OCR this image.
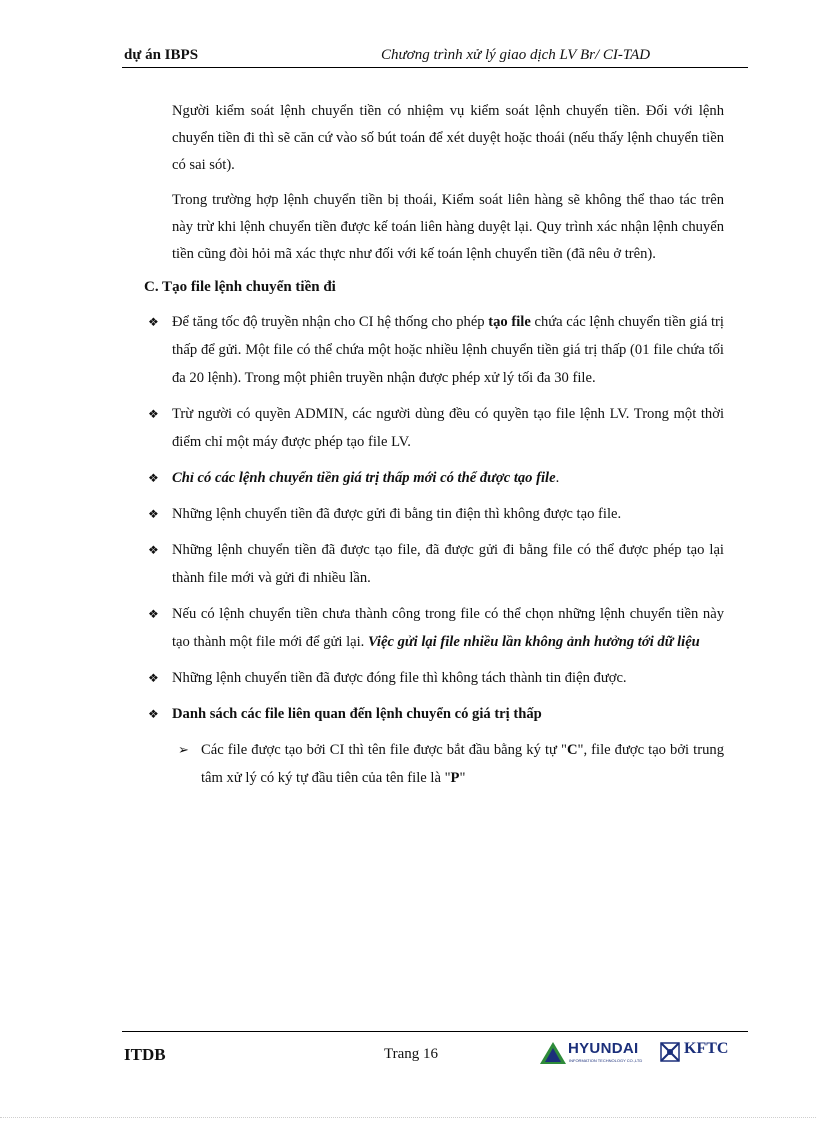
dự án IBPS	Chương trình xử lý giao dịch LV Br/ CI-TAD

Người kiểm soát lệnh chuyển tiền có nhiệm vụ kiểm soát lệnh chuyển tiền. Đối với lệnh chuyển tiền đi thì sẽ căn cứ vào số bút toán để xét duyệt hoặc thoái (nếu thấy lệnh chuyển tiền có sai sót).

Trong trường hợp lệnh chuyển tiền bị thoái, Kiểm soát liên hàng sẽ không thể thao tác trên này trừ khi lệnh chuyển tiền được kế toán liên hàng duyệt lại. Quy trình xác nhận lệnh chuyển tiền cũng đòi hỏi mã xác thực như đối với kế toán lệnh chuyển tiền (đã nêu ở trên).

C. Tạo file lệnh chuyển tiền đi
❖ Để tăng tốc độ truyền nhận cho CI hệ thống cho phép tạo file chứa các lệnh chuyển tiền giá trị thấp để gửi. Một file có thể chứa một hoặc nhiều lệnh chuyển tiền giá trị thấp (01 file chứa tối đa 20 lệnh). Trong một phiên truyền nhận được phép xử lý tối đa 30 file.
❖ Trừ người có quyền ADMIN, các người dùng đều có quyền tạo file lệnh LV. Trong một thời điểm chỉ một máy được phép tạo file LV.
❖ Chỉ có các lệnh chuyển tiền giá trị thấp mới có thể được tạo file.
❖ Những lệnh chuyển tiền đã được gửi đi bằng tin điện thì không được tạo file.
❖ Những lệnh chuyển tiền đã được tạo file, đã được gửi đi bằng file có thể được phép tạo lại thành file mới và gửi đi nhiều lần.
❖ Nếu có lệnh chuyển tiền chưa thành công trong file có thể chọn những lệnh chuyển tiền này tạo thành một file mới để gửi lại. Việc gửi lại file nhiều lần không ảnh hưởng tới dữ liệu
❖ Những lệnh chuyển tiền đã được đóng file thì không tách thành tin điện được.
❖ Danh sách các file liên quan đến lệnh chuyển có giá trị thấp
➢ Các file được tạo bởi CI thì tên file được bắt đầu bằng ký tự "C", file được tạo bởi trung tâm xử lý có ký tự đầu tiên của tên file là "P"
ITDB	Trang 16	HYUNDAI
INFORMATION TECHNOLOGY CO.,LTD
KFTC
